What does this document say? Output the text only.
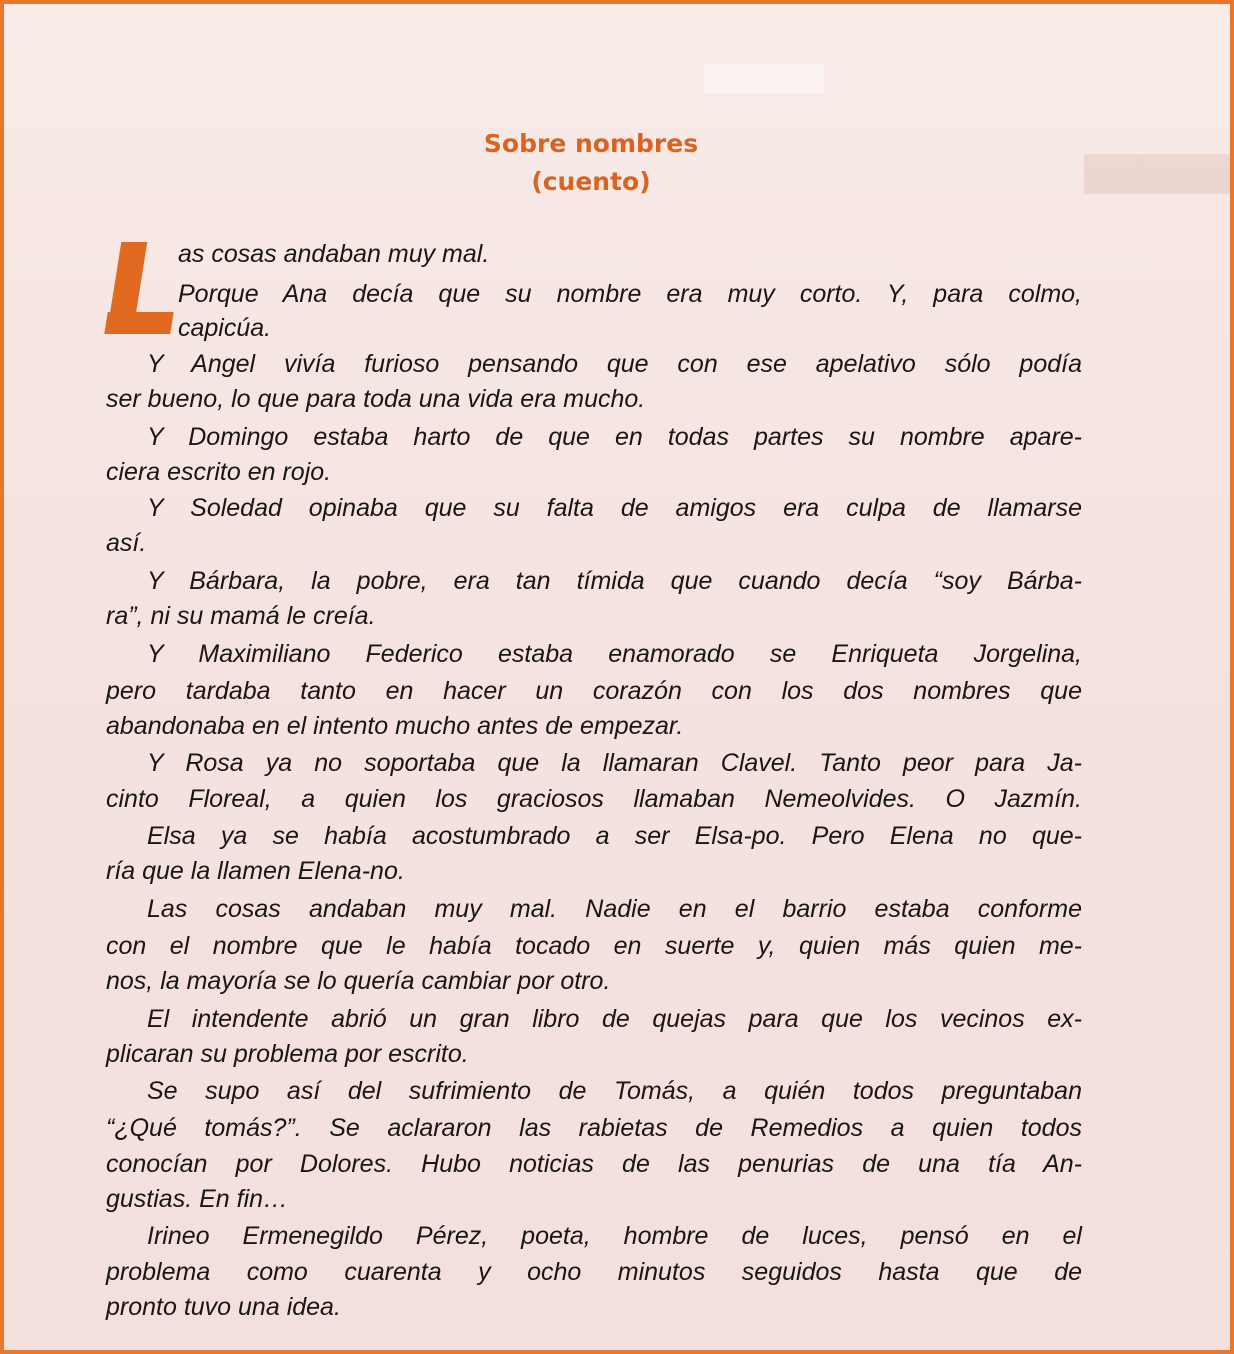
Sobre nombres
(cuento)
as cosas andaban muy mal.
Porque Ana decía que su nombre era muy corto. Y, para colmo,
capicúa.
Y Angel vivía furioso pensando que con ese apelativo sólo podía
ser bueno, lo que para toda una vida era mucho.
Y Domingo estaba harto de que en todas partes su nombre apare-
ciera escrito en rojo.
Y Soledad opinaba que su falta de amigos era culpa de llamarse
así.
Y Bárbara, la pobre, era tan tímida que cuando decía “soy Bárba-
ra”, ni su mamá le creía.
Y Maximiliano Federico estaba enamorado se Enriqueta Jorgelina,
pero tardaba tanto en hacer un corazón con los dos nombres que
abandonaba en el intento mucho antes de empezar.
Y Rosa ya no soportaba que la llamaran Clavel. Tanto peor para Ja-
cinto Floreal, a quien los graciosos llamaban Nemeolvides. O Jazmín.
Elsa ya se había acostumbrado a ser Elsa-po. Pero Elena no que-
ría que la llamen Elena-no.
Las cosas andaban muy mal. Nadie en el barrio estaba conforme
con el nombre que le había tocado en suerte y, quien más quien me-
nos, la mayoría se lo quería cambiar por otro.
El intendente abrió un gran libro de quejas para que los vecinos ex-
plicaran su problema por escrito.
Se supo así del sufrimiento de Tomás, a quién todos preguntaban
“¿Qué tomás?”. Se aclararon las rabietas de Remedios a quien todos
conocían por Dolores. Hubo noticias de las penurias de una tía An-
gustias. En fin…
Irineo Ermenegildo Pérez, poeta, hombre de luces, pensó en el
problema como cuarenta y ocho minutos seguidos hasta que de
pronto tuvo una idea.
